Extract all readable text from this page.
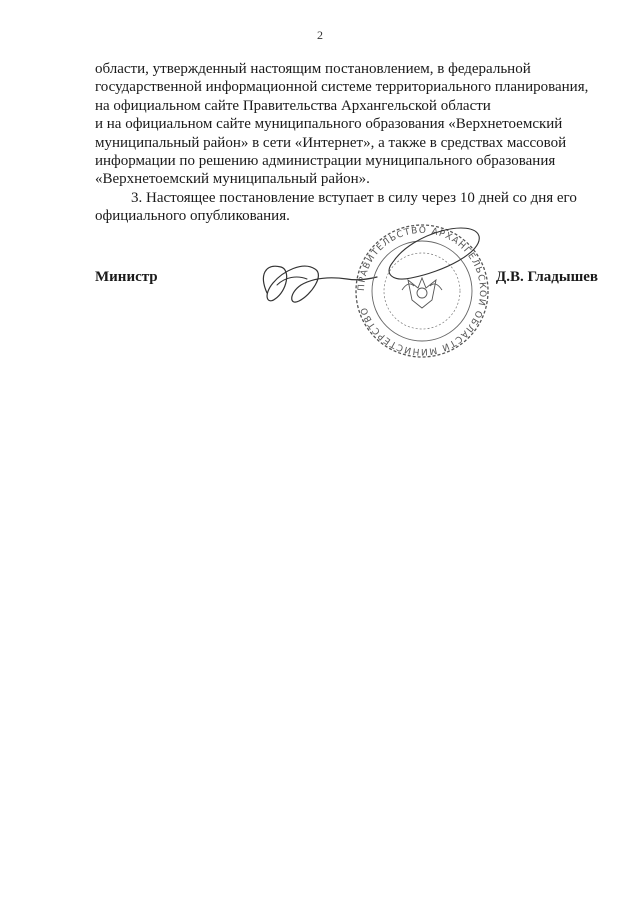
2

области, утвержденный настоящим постановлением, в федеральной

государственной информационной системе территориального планирования,

на официальном сайте Правительства Архангельской области

и на официальном сайте муниципального образования «Верхнетоемский

муниципальный район» в сети «Интернет», а также в средствах массовой

информации по решению администрации муниципального образования

«Верхнетоемский муниципальный район».

3. Настоящее постановление вступает в силу через 10 дней со дня его

официального опубликования.

Министр
ПРАВИТЕЛЬСТВО АРХАНГЕЛЬСКОЙ ОБЛАСТИ МИНИСТЕРСТВО
Д.В. Гладышев
